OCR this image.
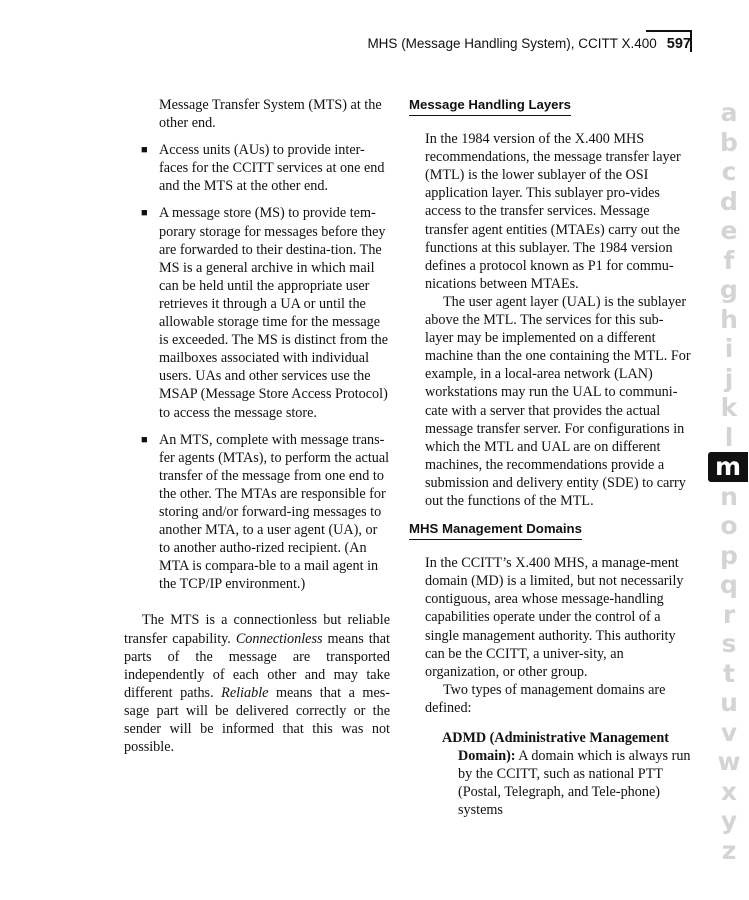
MHS (Message Handling System), CCITT X.400 597

Message Transfer System (MTS) at the other end.

■ Access units (AUs) to provide inter-faces for the CCITT services at one end and the MTS at the other end.
■ A message store (MS) to provide tem-porary storage for messages before they are forwarded to their destina-tion. The MS is a general archive in which mail can be held until the appropriate user retrieves it through a UA or until the allowable storage time for the message is exceeded. The MS is distinct from the mailboxes associated with individual users. UAs and other services use the MSAP (Message Store Access Protocol) to access the message store.
■ An MTS, complete with message trans-fer agents (MTAs), to perform the actual transfer of the message from one end to the other. The MTAs are responsible for storing and/or forward-ing messages to another MTA, to a user agent (UA), or to another autho-rized recipient. (An MTA is compara-ble to a mail agent in the TCP/IP environment.)

The MTS is a connectionless but reliable transfer capability. Connectionless means that parts of the message are transported independently of each other and may take different paths. Reliable means that a mes-sage part will be delivered correctly or the sender will be informed that this was not possible.

Message Handling Layers

In the 1984 version of the X.400 MHS recommendations, the message transfer layer (MTL) is the lower sublayer of the OSI application layer. This sublayer pro-vides access to the transfer services. Message transfer agent entities (MTAEs) carry out the functions at this sublayer. The 1984 version defines a protocol known as P1 for commu-nications between MTAEs.

The user agent layer (UAL) is the sublayer above the MTL. The services for this sub-layer may be implemented on a different machine than the one containing the MTL. For example, in a local-area network (LAN) workstations may run the UAL to communi-cate with a server that provides the actual message transfer server. For configurations in which the MTL and UAL are on different machines, the recommendations provide a submission and delivery entity (SDE) to carry out the functions of the MTL.

MHS Management Domains

In the CCITT’s X.400 MHS, a manage-ment domain (MD) is a limited, but not necessarily contiguous, area whose message-handling capabilities operate under the control of a single management authority. This authority can be the CCITT, a univer-sity, an organization, or other group.

Two types of management domains are defined:

ADMD (Administrative Management Domain): A domain which is always run by the CCITT, such as national PTT (Postal, Telegraph, and Tele-phone) systems

a
b
c
d
e
f
g
h
i
j
k
l
m
n
o
p
q
r
s
t
u
v
w
x
y
z
